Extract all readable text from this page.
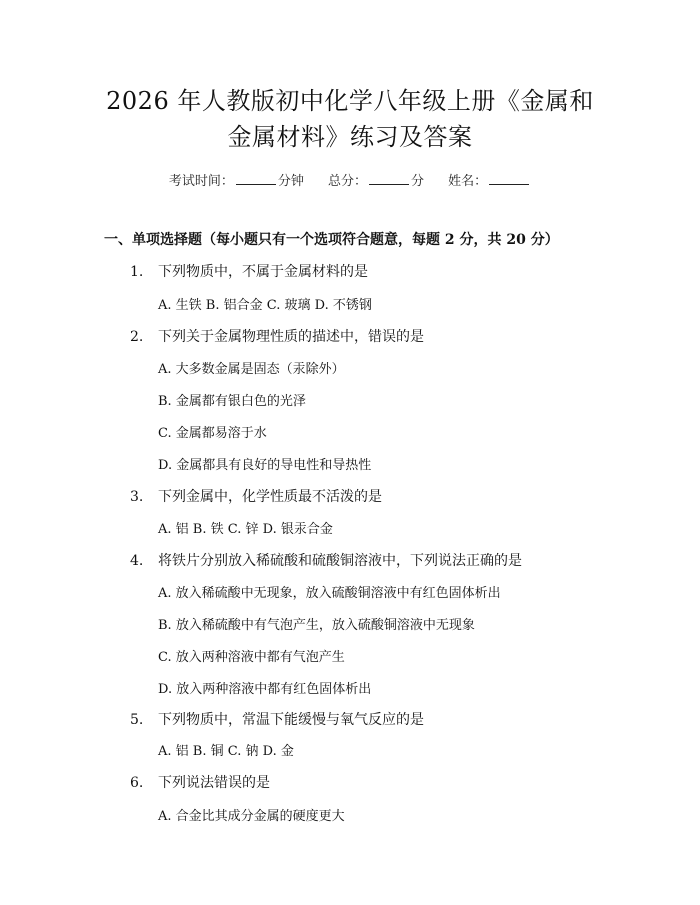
2026 年人教版初中化学八年级上册《金属和
金属材料》练习及答案
考试时间：	分钟 总分：	分 姓名：
一、单项选择题（每小题只有一个选项符合题意，每题 2 分，共 20 分）
1. 下列物质中，不属于金属材料的是
A. 生铁 B. 铝合金 C. 玻璃 D. 不锈钢
2. 下列关于金属物理性质的描述中，错误的是
A. 大多数金属是固态（汞除外）
B. 金属都有银白色的光泽
C. 金属都易溶于水
D. 金属都具有良好的导电性和导热性
3. 下列金属中，化学性质最不活泼的是
A. 铝 B. 铁 C. 锌 D. 银汞合金
4. 将铁片分别放入稀硫酸和硫酸铜溶液中，下列说法正确的是
A. 放入稀硫酸中无现象，放入硫酸铜溶液中有红色固体析出
B. 放入稀硫酸中有气泡产生，放入硫酸铜溶液中无现象
C. 放入两种溶液中都有气泡产生
D. 放入两种溶液中都有红色固体析出
5. 下列物质中，常温下能缓慢与氧气反应的是
A. 铝 B. 铜 C. 钠 D. 金
6. 下列说法错误的是
A. 合金比其成分金属的硬度更大
